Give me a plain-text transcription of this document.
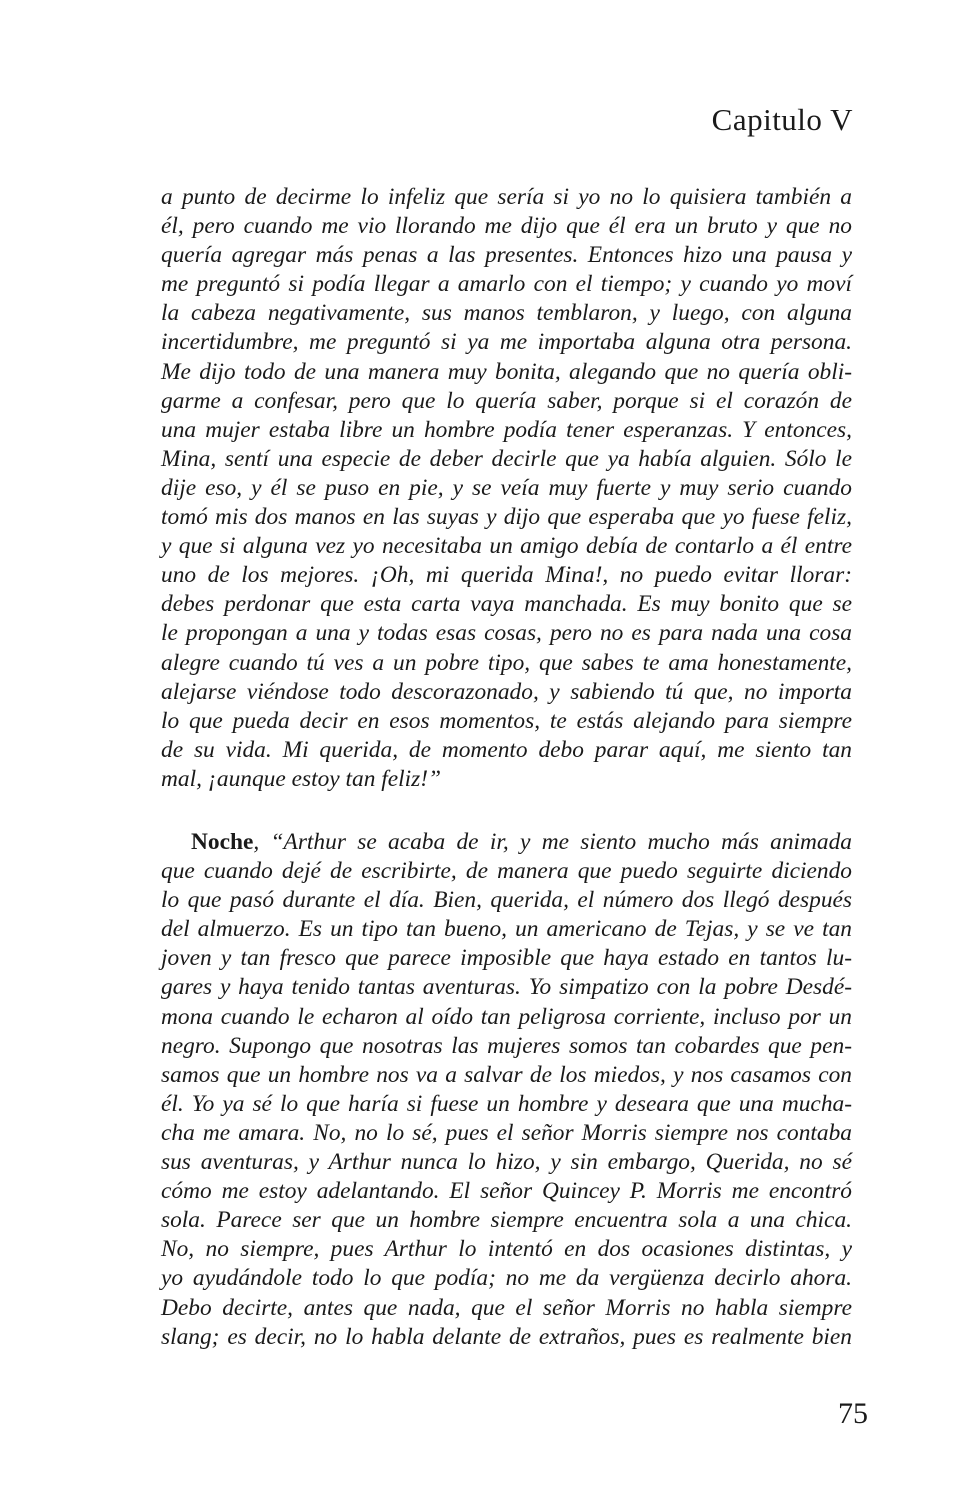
Capitulo V
a punto de decirme lo infeliz que sería si yo no lo quisiera también a
él, pero cuando me vio llorando me dijo que él era un bruto y que no
quería agregar más penas a las presentes. Entonces hizo una pausa y
me preguntó si podía llegar a amarlo con el tiempo; y cuando yo moví
la cabeza negativamente, sus manos temblaron, y luego, con alguna
incertidumbre, me preguntó si ya me importaba alguna otra persona.
Me dijo todo de una manera muy bonita, alegando que no quería obli-
garme a confesar, pero que lo quería saber, porque si el corazón de
una mujer estaba libre un hombre podía tener esperanzas. Y entonces,
Mina, sentí una especie de deber decirle que ya había alguien. Sólo le
dije eso, y él se puso en pie, y se veía muy fuerte y muy serio cuando
tomó mis dos manos en las suyas y dijo que esperaba que yo fuese feliz,
y que si alguna vez yo necesitaba un amigo debía de contarlo a él entre
uno de los mejores. ¡Oh, mi querida Mina!, no puedo evitar llorar:
debes perdonar que esta carta vaya manchada. Es muy bonito que se
le propongan a una y todas esas cosas, pero no es para nada una cosa
alegre cuando tú ves a un pobre tipo, que sabes te ama honestamente,
alejarse viéndose todo descorazonado, y sabiendo tú que, no importa
lo que pueda decir en esos momentos, te estás alejando para siempre
de su vida. Mi querida, de momento debo parar aquí, me siento tan
mal, ¡aunque estoy tan feliz!”
Noche, “Arthur se acaba de ir, y me siento mucho más animada
que cuando dejé de escribirte, de manera que puedo seguirte diciendo
lo que pasó durante el día. Bien, querida, el número dos llegó después
del almuerzo. Es un tipo tan bueno, un americano de Tejas, y se ve tan
joven y tan fresco que parece imposible que haya estado en tantos lu-
gares y haya tenido tantas aventuras. Yo simpatizo con la pobre Desdé-
mona cuando le echaron al oído tan peligrosa corriente, incluso por un
negro. Supongo que nosotras las mujeres somos tan cobardes que pen-
samos que un hombre nos va a salvar de los miedos, y nos casamos con
él. Yo ya sé lo que haría si fuese un hombre y deseara que una mucha-
cha me amara. No, no lo sé, pues el señor Morris siempre nos contaba
sus aventuras, y Arthur nunca lo hizo, y sin embargo, Querida, no sé
cómo me estoy adelantando. El señor Quincey P. Morris me encontró
sola. Parece ser que un hombre siempre encuentra sola a una chica.
No, no siempre, pues Arthur lo intentó en dos ocasiones distintas, y
yo ayudándole todo lo que podía; no me da vergüenza decirlo ahora.
Debo decirte, antes que nada, que el señor Morris no habla siempre
slang; es decir, no lo habla delante de extraños, pues es realmente bien
75
